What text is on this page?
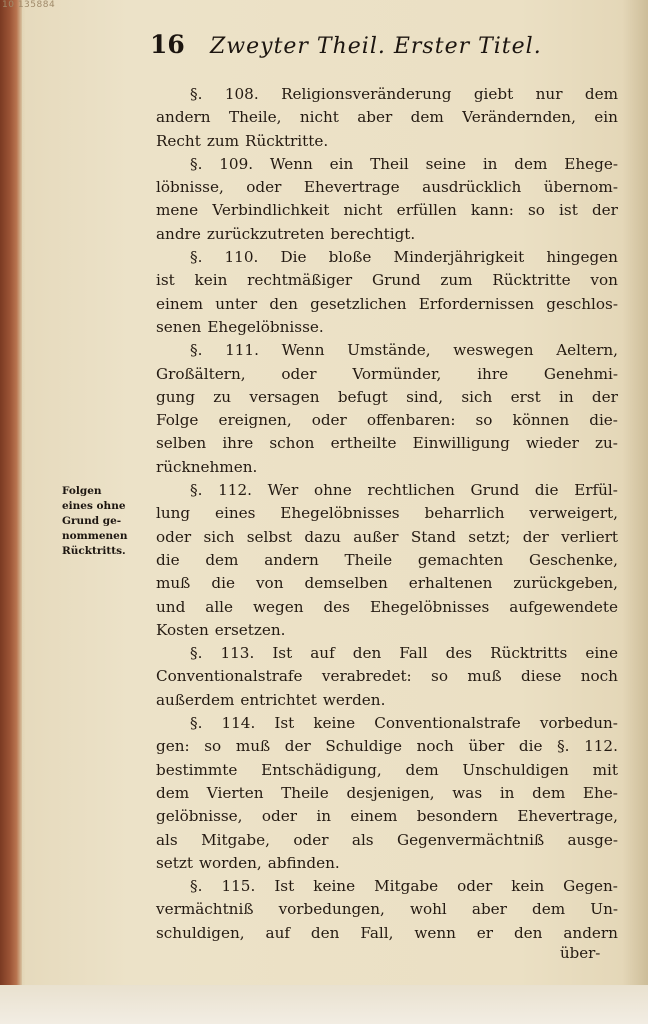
10 135884
16	Zweyter Theil. Erster Titel.
Folgen
eines ohne
Grund ge-
nommenen
Rücktritts.
§. 108. Religionsveränderung giebt nur dem
andern Theile, nicht aber dem Verändernden, ein
Recht zum Rücktritte.
§. 109. Wenn ein Theil seine in dem Ehege-
löbnisse, oder Ehevertrage ausdrücklich übernom-
mene Verbindlichkeit nicht erfüllen kann: so ist der
andre zurückzutreten berechtigt.
§. 110. Die bloße Minderjährigkeit hingegen
ist kein rechtmäßiger Grund zum Rücktritte von
einem unter den gesetzlichen Erfordernissen geschlos-
senen Ehegelöbnisse.
§. 111. Wenn Umstände, weswegen Aeltern,
Großältern, oder Vormünder, ihre Genehmi-
gung zu versagen befugt sind, sich erst in der
Folge ereignen, oder offenbaren: so können die-
selben ihre schon ertheilte Einwilligung wieder zu-
rücknehmen.
§. 112. Wer ohne rechtlichen Grund die Erfül-
lung eines Ehegelöbnisses beharrlich verweigert,
oder sich selbst dazu außer Stand setzt; der verliert
die dem andern Theile gemachten Geschenke,
muß die von demselben erhaltenen zurückgeben,
und alle wegen des Ehegelöbnisses aufgewendete
Kosten ersetzen.
§. 113. Ist auf den Fall des Rücktritts eine
Conventionalstrafe verabredet: so muß diese noch
außerdem entrichtet werden.
§. 114. Ist keine Conventionalstrafe vorbedun-
gen: so muß der Schuldige noch über die §. 112.
bestimmte Entschädigung, dem Unschuldigen mit
dem Vierten Theile desjenigen, was in dem Ehe-
gelöbnisse, oder in einem besondern Ehevertrage,
als Mitgabe, oder als Gegenvermächtniß ausge-
setzt worden, abfinden.
§. 115. Ist keine Mitgabe oder kein Gegen-
vermächtniß vorbedungen, wohl aber dem Un-
schuldigen, auf den Fall, wenn er den andern
über-
